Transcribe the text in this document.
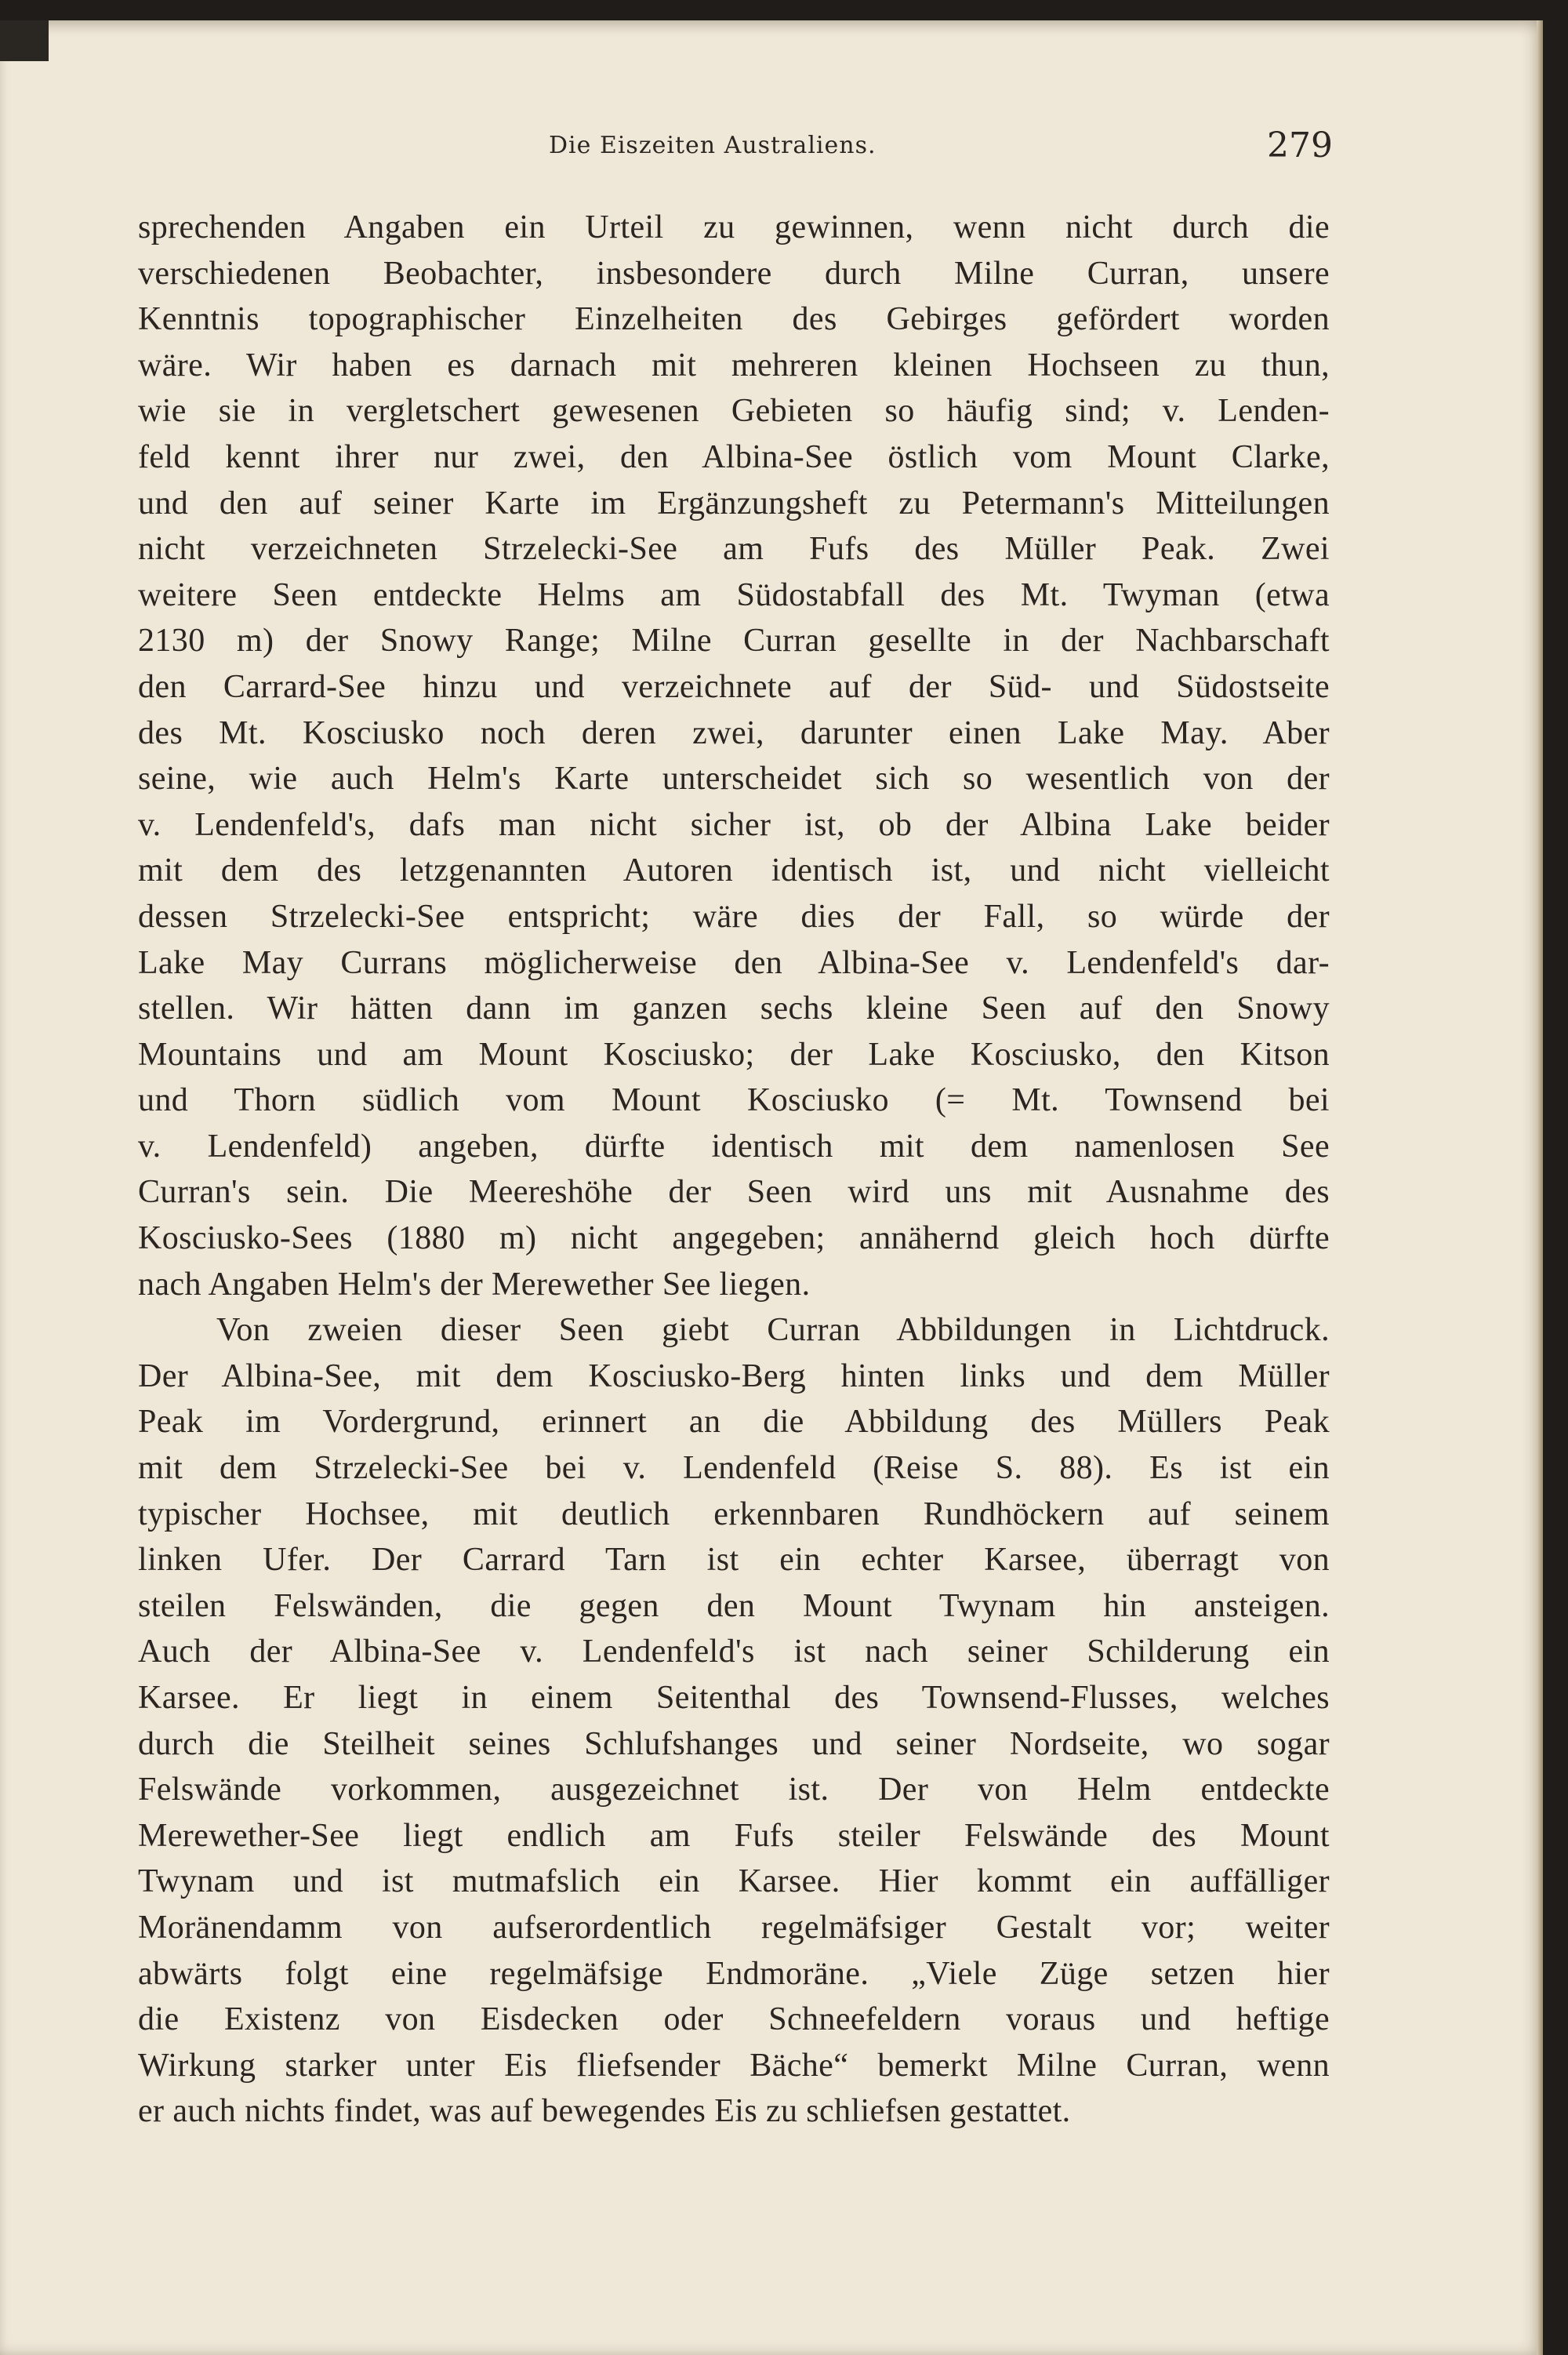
Die Eiszeiten Australiens.	279
sprechenden Angaben ein Urteil zu gewinnen, wenn nicht durch die
verschiedenen Beobachter, insbesondere durch Milne Curran, unsere
Kenntnis topographischer Einzelheiten des Gebirges gefördert worden
wäre. Wir haben es darnach mit mehreren kleinen Hochseen zu thun,
wie sie in vergletschert gewesenen Gebieten so häufig sind; v. Lenden-
feld kennt ihrer nur zwei, den Albina-See östlich vom Mount Clarke,
und den auf seiner Karte im Ergänzungsheft zu Petermann's Mitteilungen
nicht verzeichneten Strzelecki-See am Fufs des Müller Peak. Zwei
weitere Seen entdeckte Helms am Südostabfall des Mt. Twyman (etwa
2130 m) der Snowy Range; Milne Curran gesellte in der Nachbarschaft
den Carrard-See hinzu und verzeichnete auf der Süd- und Südostseite
des Mt. Kosciusko noch deren zwei, darunter einen Lake May. Aber
seine, wie auch Helm's Karte unterscheidet sich so wesentlich von der
v. Lendenfeld's, dafs man nicht sicher ist, ob der Albina Lake beider
mit dem des letzgenannten Autoren identisch ist, und nicht vielleicht
dessen Strzelecki-See entspricht; wäre dies der Fall, so würde der
Lake May Currans möglicherweise den Albina-See v. Lendenfeld's dar-
stellen. Wir hätten dann im ganzen sechs kleine Seen auf den Snowy
Mountains und am Mount Kosciusko; der Lake Kosciusko, den Kitson
und Thorn südlich vom Mount Kosciusko (= Mt. Townsend bei
v. Lendenfeld) angeben, dürfte identisch mit dem namenlosen See
Curran's sein. Die Meereshöhe der Seen wird uns mit Ausnahme des
Kosciusko-Sees (1880 m) nicht angegeben; annähernd gleich hoch dürfte
nach Angaben Helm's der Merewether See liegen.
Von zweien dieser Seen giebt Curran Abbildungen in Lichtdruck.
Der Albina-See, mit dem Kosciusko-Berg hinten links und dem Müller
Peak im Vordergrund, erinnert an die Abbildung des Müllers Peak
mit dem Strzelecki-See bei v. Lendenfeld (Reise S. 88). Es ist ein
typischer Hochsee, mit deutlich erkennbaren Rundhöckern auf seinem
linken Ufer. Der Carrard Tarn ist ein echter Karsee, überragt von
steilen Felswänden, die gegen den Mount Twynam hin ansteigen.
Auch der Albina-See v. Lendenfeld's ist nach seiner Schilderung ein
Karsee. Er liegt in einem Seitenthal des Townsend-Flusses, welches
durch die Steilheit seines Schlufshanges und seiner Nordseite, wo sogar
Felswände vorkommen, ausgezeichnet ist. Der von Helm entdeckte
Merewether-See liegt endlich am Fufs steiler Felswände des Mount
Twynam und ist mutmafslich ein Karsee. Hier kommt ein auffälliger
Moränendamm von aufserordentlich regelmäfsiger Gestalt vor; weiter
abwärts folgt eine regelmäfsige Endmoräne. „Viele Züge setzen hier
die Existenz von Eisdecken oder Schneefeldern voraus und heftige
Wirkung starker unter Eis fliefsender Bäche“ bemerkt Milne Curran, wenn
er auch nichts findet, was auf bewegendes Eis zu schliefsen gestattet.
